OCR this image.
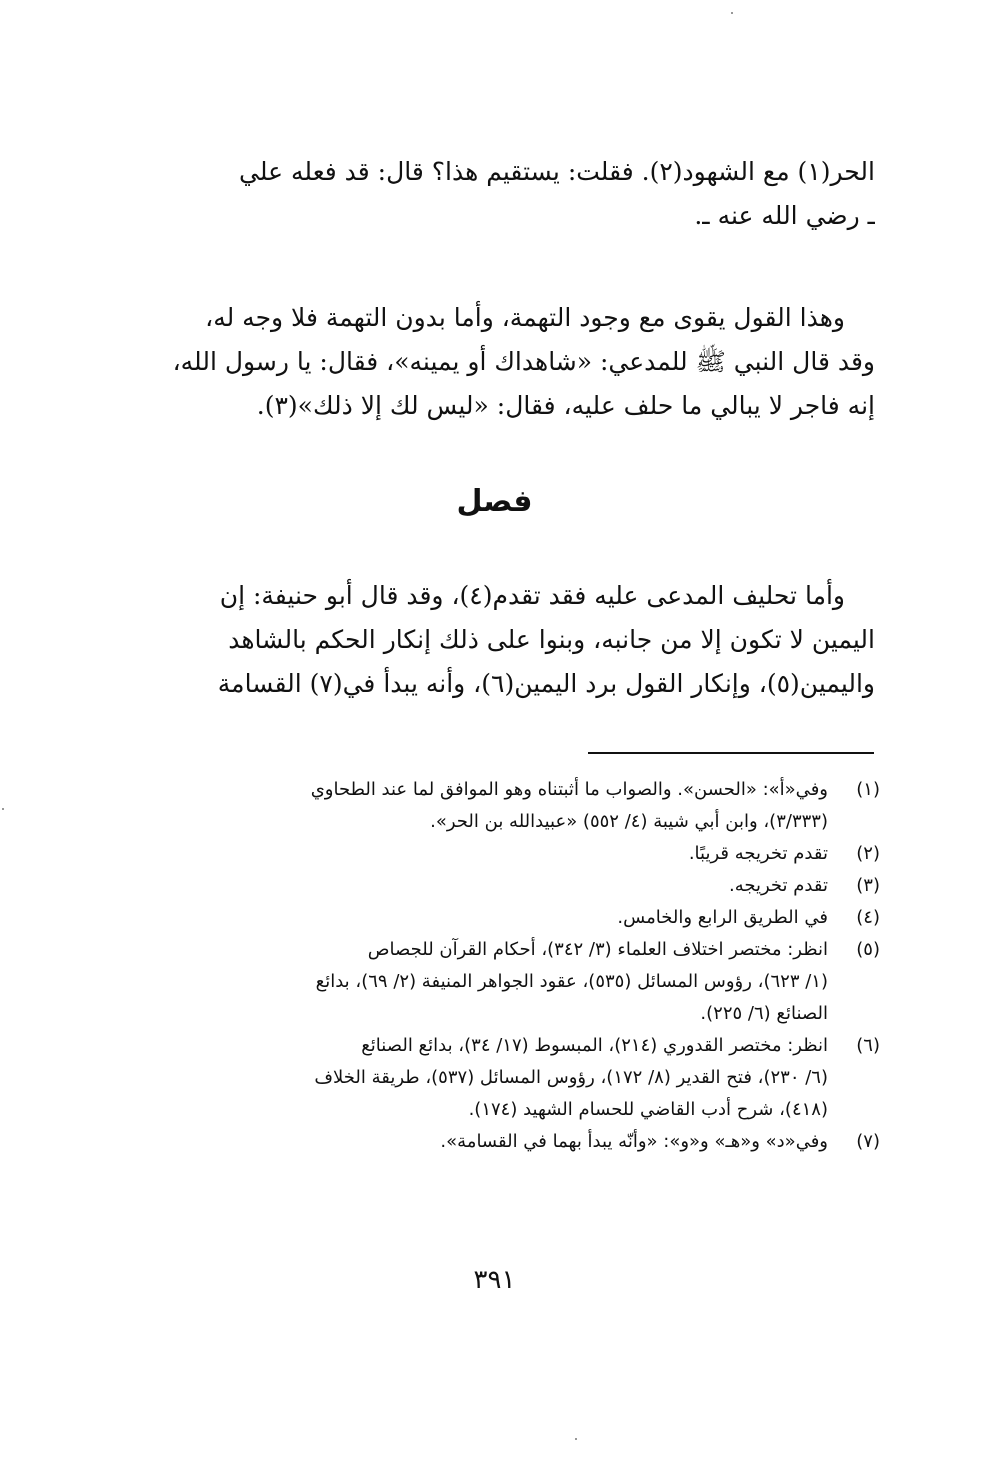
الحر(١) مع الشهود(٢). فقلت: يستقيم هذا؟ قال: قد فعله علي
ـ رضي الله عنه ـ.
وهذا القول يقوى مع وجود التهمة، وأما بدون التهمة فلا وجه له،
وقد قال النبي ﷺ للمدعي: «شاهداك أو يمينه»، فقال: يا رسول الله،
إنه فاجر لا يبالي ما حلف عليه، فقال: «ليس لك إلا ذلك»(٣).
فصل
وأما تحليف المدعى عليه فقد تقدم(٤)، وقد قال أبو حنيفة: إن
اليمين لا تكون إلا من جانبه، وبنوا على ذلك إنكار الحكم بالشاهد
واليمين(٥)، وإنكار القول برد اليمين(٦)، وأنه يبدأ في(٧) القسامة
(١)
وفي«أ»: «الحسن». والصواب ما أثبتناه وهو الموافق لما عند الطحاوي
(٣/٣٣٣)، وابن أبي شيبة (٤/ ٥٥٢) «عبيدالله بن الحر».
(٢)
تقدم تخريجه قريبًا.
(٣)
تقدم تخريجه.
(٤)
في الطريق الرابع والخامس.
(٥)
انظر: مختصر اختلاف العلماء (٣/ ٣٤٢)، أحكام القرآن للجصاص
(١/ ٦٢٣)، رؤوس المسائل (٥٣٥)، عقود الجواهر المنيفة (٢/ ٦٩)، بدائع
الصنائع (٦/ ٢٢٥).
(٦)
انظر: مختصر القدوري (٢١٤)، المبسوط (١٧/ ٣٤)، بدائع الصنائع
(٦/ ٢٣٠)، فتح القدير (٨/ ١٧٢)، رؤوس المسائل (٥٣٧)، طريقة الخلاف
(٤١٨)، شرح أدب القاضي للحسام الشهيد (١٧٤).
(٧)
وفي«د» و«هـ» و«و»: «وأنّه يبدأ بهما في القسامة».
٣٩١
